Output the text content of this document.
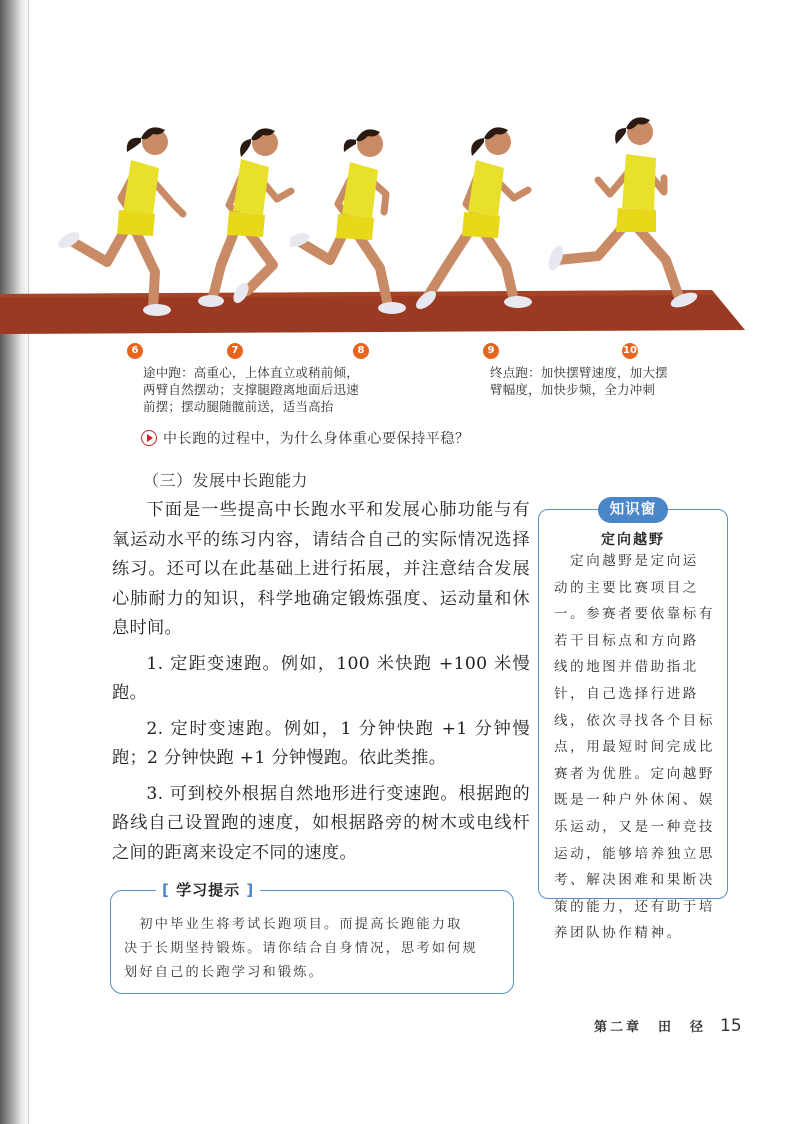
6	7	8	9	10
途中跑：高重心，上体直立或稍前倾，
两臂自然摆动；支撑腿蹬离地面后迅速
前摆；摆动腿随髋前送，适当高抬
终点跑：加快摆臂速度，加大摆
臂幅度，加快步频，全力冲刺
中长跑的过程中，为什么身体重心要保持平稳？
（三）发展中长跑能力

下面是一些提高中长跑水平和发展心肺功能与有氧运动水平的练习内容，请结合自己的实际情况选择练习。还可以在此基础上进行拓展，并注意结合发展心肺耐力的知识，科学地确定锻炼强度、运动量和休息时间。

1. 定距变速跑。例如，100 米快跑 +100 米慢跑。

2. 定时变速跑。例如，1 分钟快跑 +1 分钟慢跑；2 分钟快跑 +1 分钟慢跑。依此类推。

3. 可到校外根据自然地形进行变速跑。根据跑的路线自己设置跑的速度，如根据路旁的树木或电线杆之间的距离来设定不同的速度。

知识窗
定向越野
　定向越野是定向运
动的主要比赛项目之
一。参赛者要依靠标有
若干目标点和方向路
线的地图并借助指北
针，自己选择行进路
线，依次寻找各个目标
点，用最短时间完成比
赛者为优胜。定向越野
既是一种户外休闲、娱
乐运动，又是一种竞技
运动，能够培养独立思
考、解决困难和果断决
策的能力，还有助于培
养团队协作精神。
[ 学习提示 ]
　初中毕业生将考试长跑项目。而提高长跑能力取
决于长期坚持锻炼。请你结合自身情况，思考如何规
划好自己的长跑学习和锻炼。
第二章　田　径 15
